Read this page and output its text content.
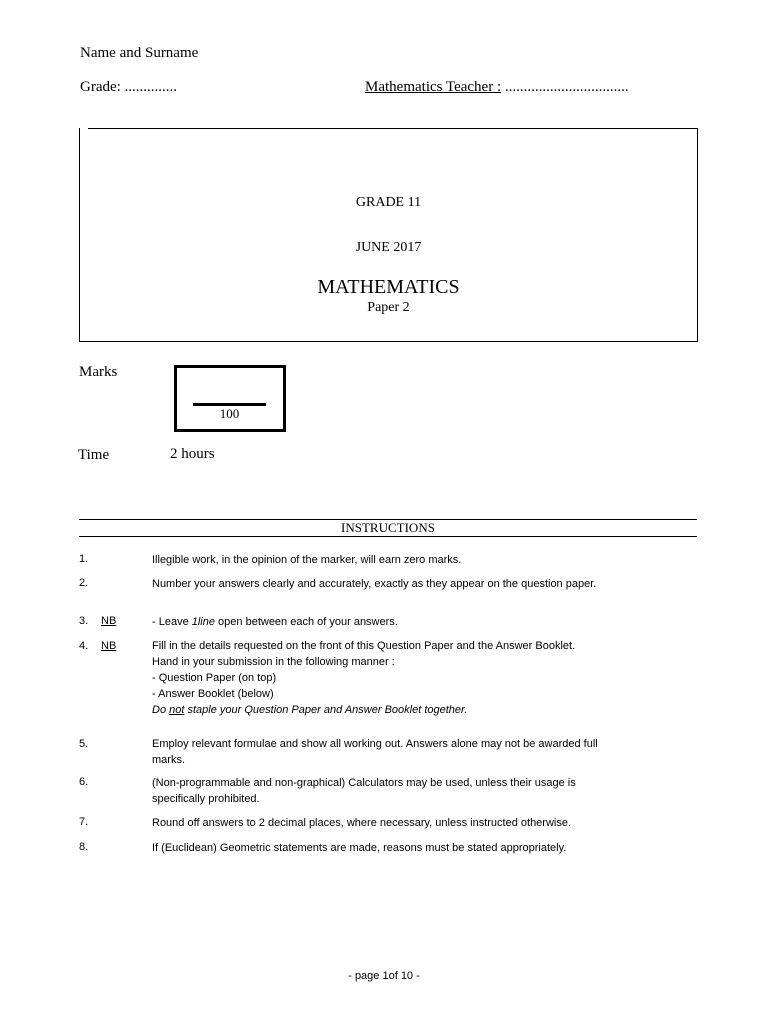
Name and Surname
Grade: ..............	Mathematics Teacher : .................................
GRADE 11
JUNE 2017
MATHEMATICS
Paper 2
Marks
100
Time	2 hours
INSTRUCTIONS
1.	Illegible work, in the opinion of the marker, will earn zero marks.
2.	Number your answers clearly and accurately, exactly as they appear on the question paper.
3. NB	- Leave 1line open between each of your answers.
4. NB	Fill in the details requested on the front of this Question Paper and the Answer Booklet.
Hand in your submission in the following manner :
- Question Paper (on top)
- Answer Booklet (below)
Do not staple your Question Paper and Answer Booklet together.
5.	Employ relevant formulae and show all working out. Answers alone may not be awarded full marks.
6.	(Non-programmable and non-graphical) Calculators may be used, unless their usage is specifically prohibited.
7.	Round off answers to 2 decimal places, where necessary, unless instructed otherwise.
8.	If (Euclidean) Geometric statements are made, reasons must be stated appropriately.
- page 1of 10 -
